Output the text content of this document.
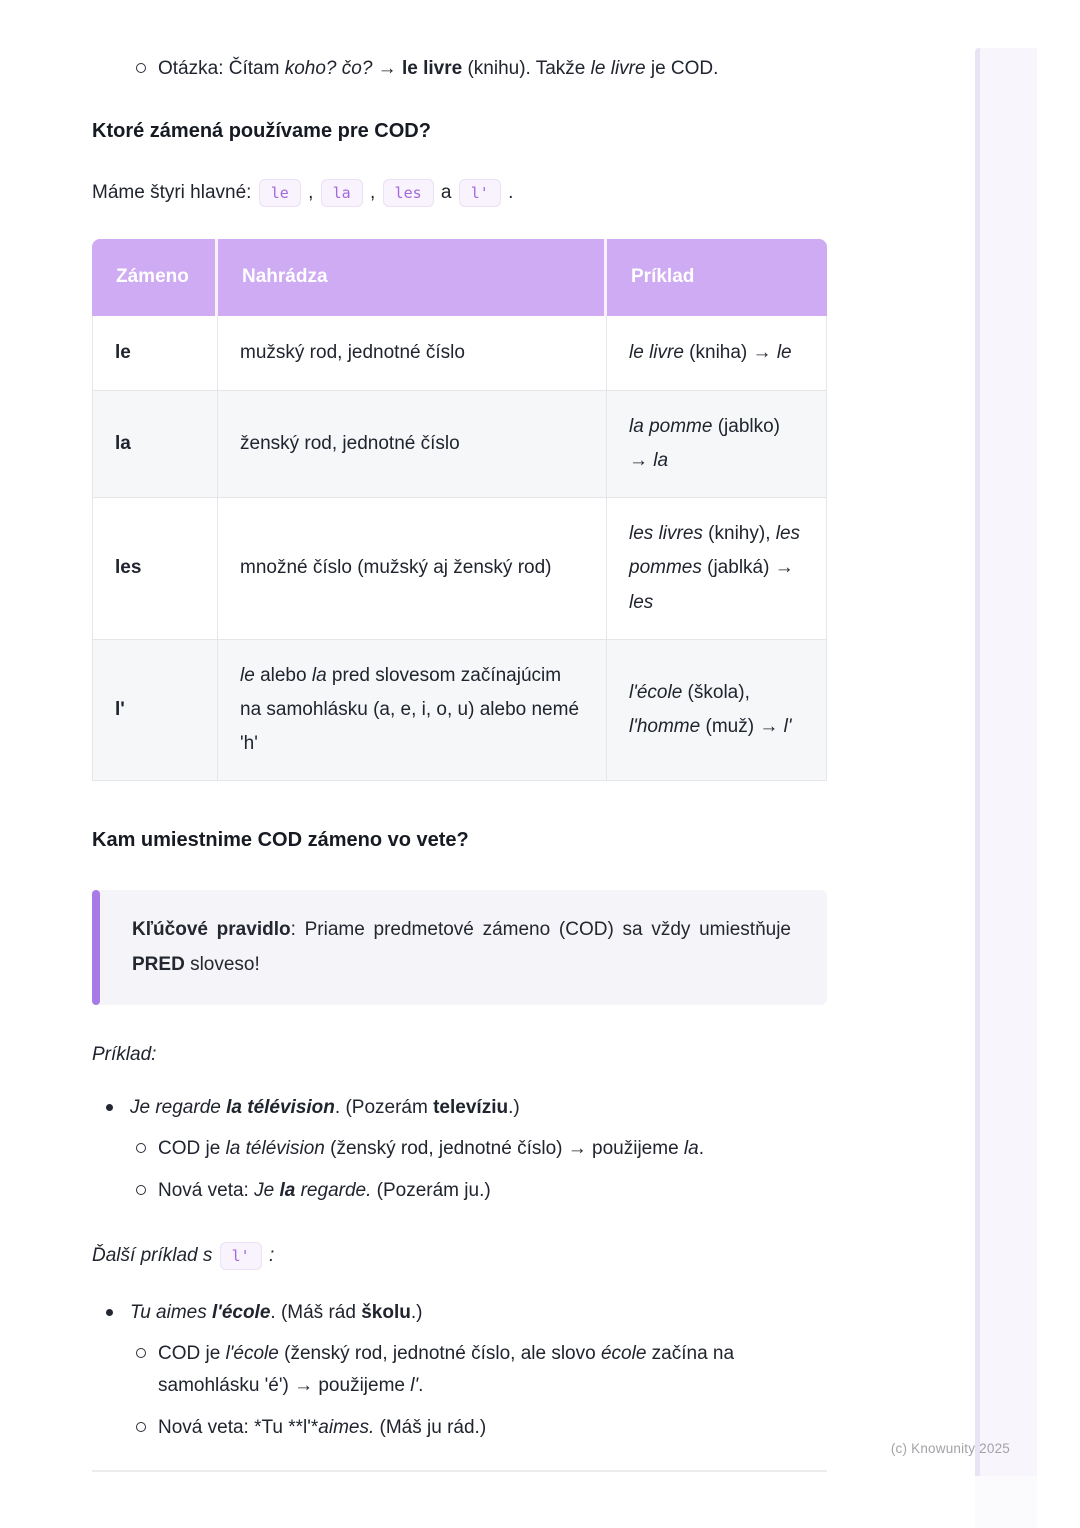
Otázka: Čítam koho? čo? → le livre (knihu). Takže le livre je COD.
Ktoré zámená používame pre COD?

Máme štyri hlavné: le , la , les a l' .

Zámeno	Nahrádza	Príklad
le	mužský rod, jednotné číslo	le livre (kniha) → le
la	ženský rod, jednotné číslo	la pomme (jablko) → la
les	množné číslo (mužský aj ženský rod)	les livres (knihy), les pommes (jablká) → les
l'	le alebo la pred slovesom začínajúcim na samohlásku (a, e, i, o, u) alebo nemé 'h'	l'école (škola), l'homme (muž) → l'
Kam umiestnime COD zámeno vo vete?
Kľúčové pravidlo: Priame predmetové zámeno (COD) sa vždy umiestňuje PRED sloveso!

Príklad:

Je regarde la télévision. (Pozerám televíziu.)
COD je la télévision (ženský rod, jednotné číslo) → použijeme la.
Nová veta: Je la regarde. (Pozerám ju.)

Ďalší príklad s l' :

Tu aimes l'école. (Máš rád školu.)
COD je l'école (ženský rod, jednotné číslo, ale slovo école začína na samohlásku 'é') → použijeme l'.
Nová veta: *Tu **l'*aimes. (Máš ju rád.)
(c) Knowunity 2025
